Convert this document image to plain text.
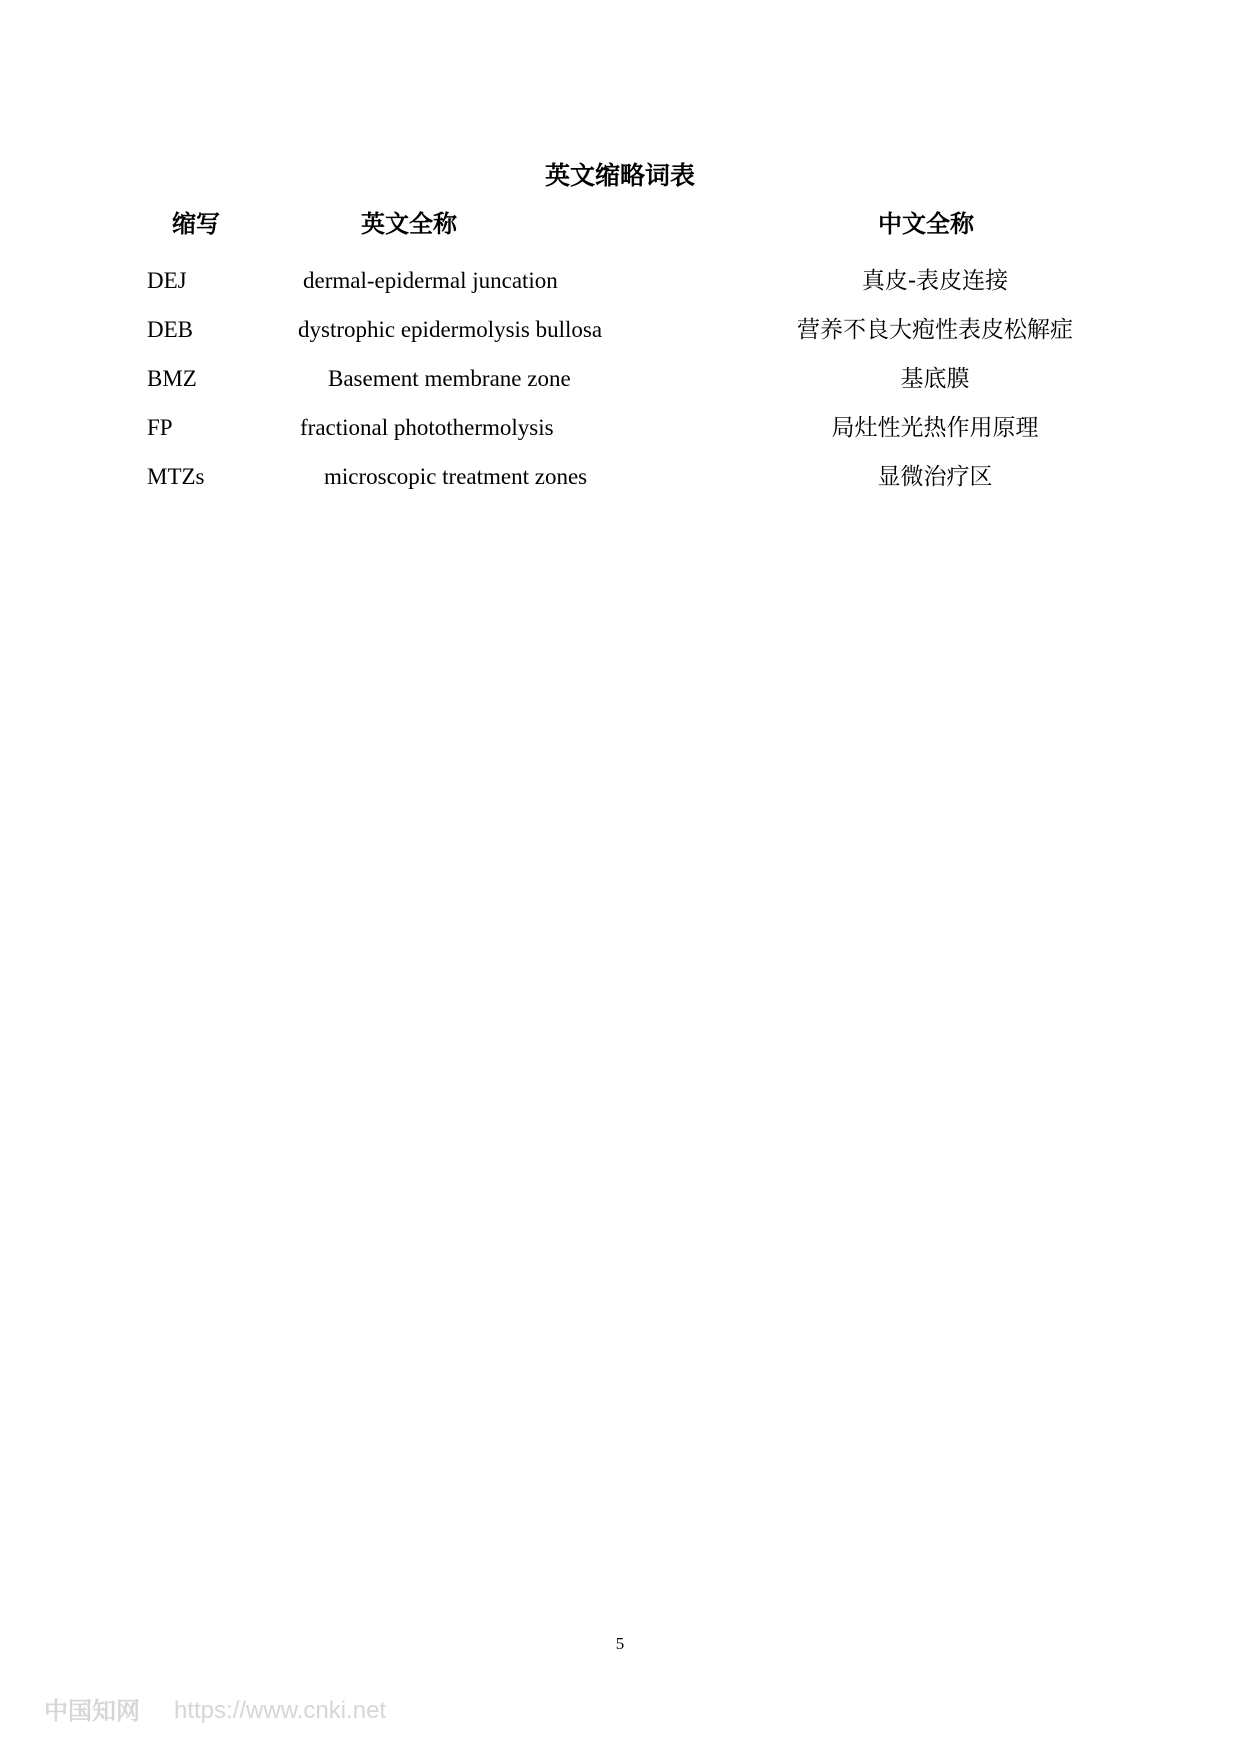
英文缩略词表
缩写	英文全称	中文全称
DEJ	dermal-epidermal juncation	真皮-表皮连接
DEB	dystrophic epidermolysis bullosa	营养不良大疱性表皮松解症
BMZ	Basement membrane zone	基底膜
FP	fractional photothermolysis	局灶性光热作用原理
MTZs	microscopic treatment zones	显微治疗区
5
中国知网 https://www.cnki.net
